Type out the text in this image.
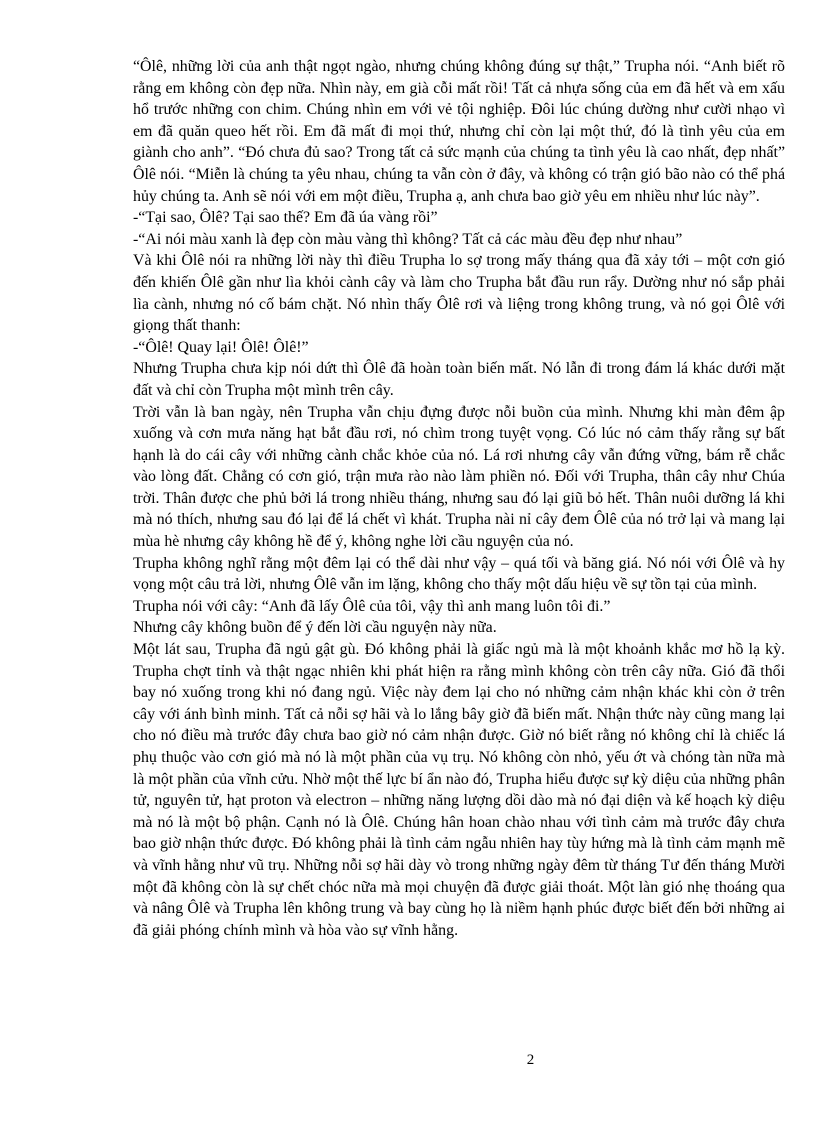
“Ôlê, những lời của anh thật ngọt ngào, nhưng chúng không đúng sự thật,” Trupha nói. “Anh biết rõ rằng em không còn đẹp nữa. Nhìn này, em già cỗi mất rồi! Tất cả nhựa sống của em đã hết và em xấu hổ trước những con chim. Chúng nhìn em với vẻ tội nghiệp. Đôi lúc chúng dường như cười nhạo vì em đã quăn queo hết rồi. Em đã mất đi mọi thứ, nhưng chỉ còn lại một thứ, đó là tình yêu của em giành cho anh”. “Đó chưa đủ sao? Trong tất cả sức mạnh của chúng ta tình yêu là cao nhất, đẹp nhất” Ôlê nói. “Miễn là chúng ta yêu nhau, chúng ta vẫn còn ở đây, và không có trận gió bão nào có thể phá hủy chúng ta. Anh sẽ nói với em một điều, Trupha ạ, anh chưa bao giờ yêu em nhiều như lúc này”.

-“Tại sao, Ôlê? Tại sao thế? Em đã úa vàng rồi”

-“Ai nói màu xanh là đẹp còn màu vàng thì không? Tất cả các màu đều đẹp như nhau”

Và khi Ôlê nói ra những lời này thì điều Trupha lo sợ trong mấy tháng qua đã xảy tới – một cơn gió đến khiến Ôlê gần như lìa khỏi cành cây và làm cho Trupha bắt đầu run rẩy. Dường như nó sắp phải lìa cành, nhưng nó cố bám chặt. Nó nhìn thấy Ôlê rơi và liệng trong không trung, và nó gọi Ôlê với giọng thất thanh:

-“Ôlê! Quay lại! Ôlê! Ôlê!”

Nhưng Trupha chưa kịp nói dứt thì Ôlê đã hoàn toàn biến mất. Nó lẫn đi trong đám lá khác dưới mặt đất và chỉ còn Trupha một mình trên cây.

Trời vẫn là ban ngày, nên Trupha vẫn chịu đựng được nỗi buồn của mình. Nhưng khi màn đêm ập xuống và cơn mưa năng hạt bắt đầu rơi, nó chìm trong tuyệt vọng. Có lúc nó cảm thấy rằng sự bất hạnh là do cái cây với những cành chắc khỏe của nó. Lá rơi nhưng cây vẫn đứng vững, bám rễ chắc vào lòng đất. Chẳng có cơn gió, trận mưa rào nào làm phiền nó. Đối với Trupha, thân cây như Chúa trời. Thân được che phủ bởi lá trong nhiều tháng, nhưng sau đó lại giũ bỏ hết. Thân nuôi dưỡng lá khi mà nó thích, nhưng sau đó lại để lá chết vì khát. Trupha nài nỉ cây đem Ôlê của nó trở lại và mang lại mùa hè nhưng cây không hề để ý, không nghe lời cầu nguyện của nó.

Trupha không nghĩ rằng một đêm lại có thể dài như vậy – quá tối và băng giá. Nó nói với Ôlê và hy vọng một câu trả lời, nhưng Ôlê vẫn im lặng, không cho thấy một dấu hiệu về sự tồn tại của mình.

Trupha nói với cây: “Anh đã lấy Ôlê của tôi, vậy thì anh mang luôn tôi đi.”

Nhưng cây không buồn để ý đến lời cầu nguyện này nữa.

Một lát sau, Trupha đã ngủ gật gù. Đó không phải là giấc ngủ mà là một khoảnh khắc mơ hồ lạ kỳ. Trupha chợt tỉnh và thật ngạc nhiên khi phát hiện ra rằng mình không còn trên cây nữa. Gió đã thổi bay nó xuống trong khi nó đang ngủ. Việc này đem lại cho nó những cảm nhận khác khi còn ở trên cây với ánh bình minh. Tất cả nỗi sợ hãi và lo lắng bây giờ đã biến mất. Nhận thức này cũng mang lại cho nó điều mà trước đây chưa bao giờ nó cảm nhận được. Giờ nó biết rằng nó không chỉ là chiếc lá phụ thuộc vào cơn gió mà nó là một phần của vụ trụ. Nó không còn nhỏ, yếu ớt và chóng tàn nữa mà là một phần của vĩnh cửu. Nhờ một thế lực bí ẩn nào đó, Trupha hiểu được sự kỳ diệu của những phân tử, nguyên tử, hạt proton và electron – những năng lượng dồi dào mà nó đại diện và kế hoạch kỳ diệu mà nó là một bộ phận. Cạnh nó là Ôlê. Chúng hân hoan chào nhau với tình cảm mà trước đây chưa bao giờ nhận thức được. Đó không phải là tình cảm ngẫu nhiên hay tùy hứng mà là tình cảm mạnh mẽ và vĩnh hằng như vũ trụ. Những nỗi sợ hãi dày vò trong những ngày đêm từ tháng Tư đến tháng Mười một đã không còn là sự chết chóc nữa mà mọi chuyện đã được giải thoát. Một làn gió nhẹ thoáng qua và nâng Ôlê và Trupha lên không trung và bay cùng họ là niềm hạnh phúc được biết đến bởi những ai đã giải phóng chính mình và hòa vào sự vĩnh hằng.

2
